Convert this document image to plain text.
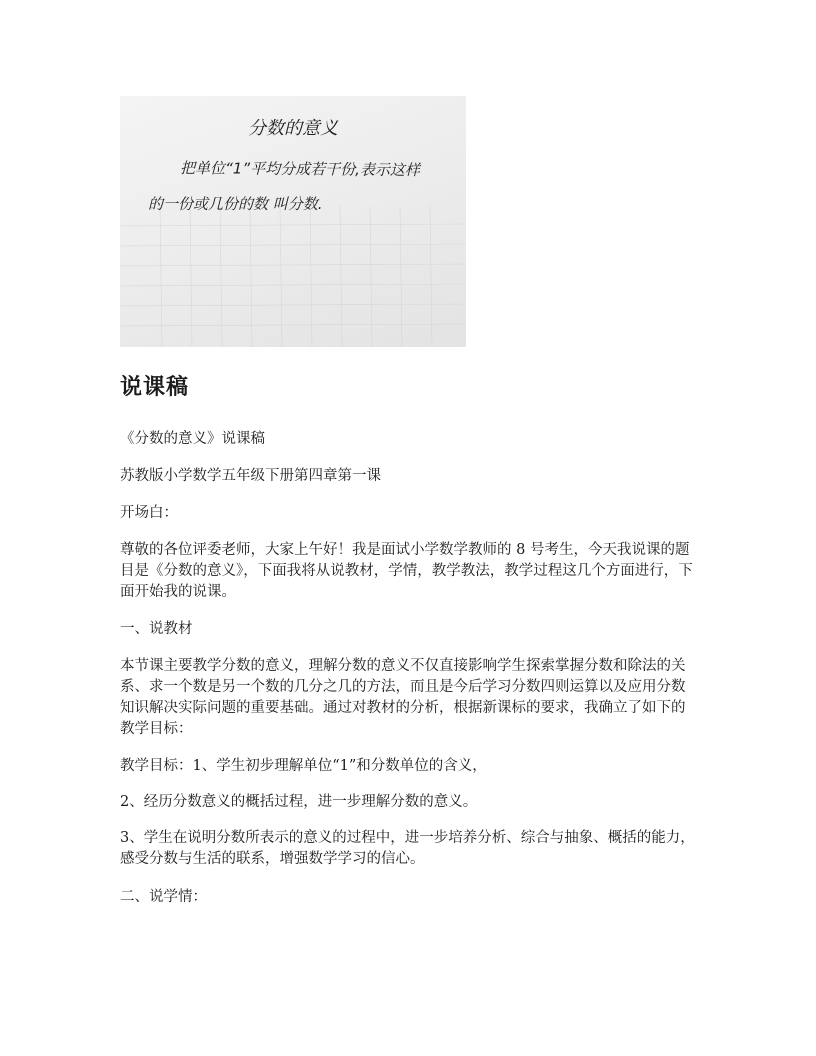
分数的意义
把单位“1”平均分成若干份,表示这样
的一份或几份的数 叫分数.
说课稿

《分数的意义》说课稿

苏教版小学数学五年级下册第四章第一课

开场白：

尊敬的各位评委老师，大家上午好！我是面试小学数学教师的 8 号考生，今天我说课的题目是《分数的意义》，下面我将从说教材，学情，教学教法，教学过程这几个方面进行，下面开始我的说课。

一、说教材

本节课主要教学分数的意义，理解分数的意义不仅直接影响学生探索掌握分数和除法的关系、求一个数是另一个数的几分之几的方法，而且是今后学习分数四则运算以及应用分数知识解决实际问题的重要基础。通过对教材的分析，根据新课标的要求，我确立了如下的教学目标：

教学目标：1、学生初步理解单位“1”和分数单位的含义，

2、经历分数意义的概括过程，进一步理解分数的意义。

3、学生在说明分数所表示的意义的过程中，进一步培养分析、综合与抽象、概括的能力，感受分数与生活的联系，增强数学学习的信心。

二、说学情：
